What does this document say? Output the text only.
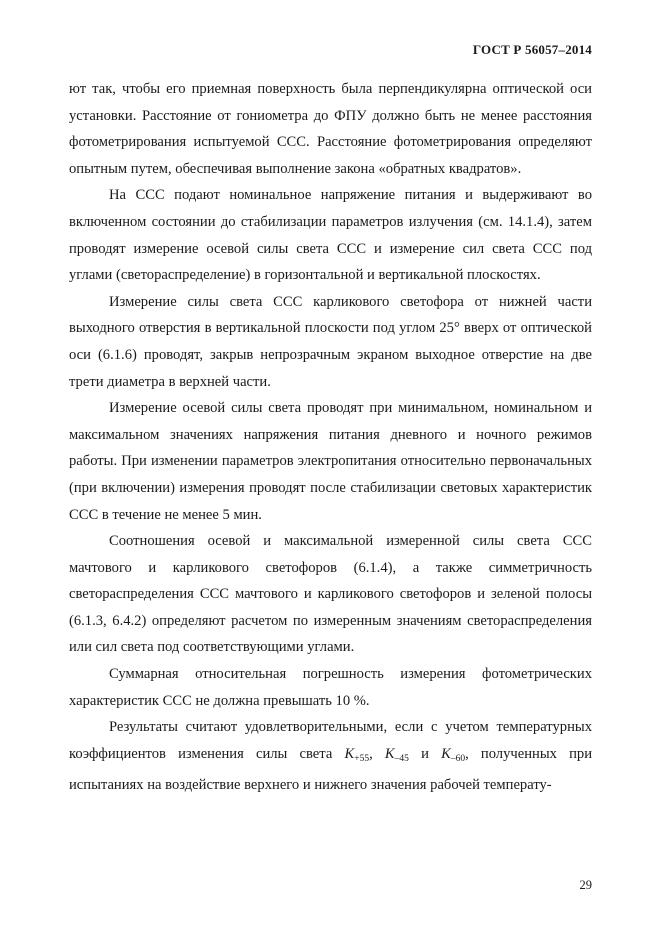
ГОСТ Р 56057–2014

ют так, чтобы его приемная поверхность была перпендикулярна оптической оси установки. Расстояние от гониометра до ФПУ должно быть не менее расстояния фотометрирования испытуемой ССС. Расстояние фотометрирования определяют опытным путем, обеспечивая выполнение закона «обратных квадратов».

На ССС подают номинальное напряжение питания и выдерживают во включенном состоянии до стабилизации параметров излучения (см. 14.1.4), затем проводят измерение осевой силы света ССС и измерение сил света ССС под углами (светораспределение) в горизонтальной и вертикальной плоскостях.

Измерение силы света ССС карликового светофора от нижней части выходного отверстия в вертикальной плоскости под углом 25° вверх от оптической оси (6.1.6) проводят, закрыв непрозрачным экраном выходное отверстие на две трети диаметра в верхней части.

Измерение осевой силы света проводят при минимальном, номинальном и максимальном значениях напряжения питания дневного и ночного режимов работы. При изменении параметров электропитания относительно первоначальных (при включении) измерения проводят после стабилизации световых характеристик ССС в течение не менее 5 мин.

Соотношения осевой и максимальной измеренной силы света ССС мачтового и карликового светофоров (6.1.4), а также симметричность светораспределения ССС мачтового и карликового светофоров и зеленой полосы (6.1.3, 6.4.2) определяют расчетом по измеренным значениям светораспределения или сил света под соответствующими углами.

Суммарная относительная погрешность измерения фотометрических характеристик ССС не должна превышать 10 %.

Результаты считают удовлетворительными, если с учетом температурных коэффициентов изменения силы света $K_{+55}$, $K_{-45}$ и $K_{-60}$, полученных при испытаниях на воздействие верхнего и нижнего значения рабочей температу-

29
